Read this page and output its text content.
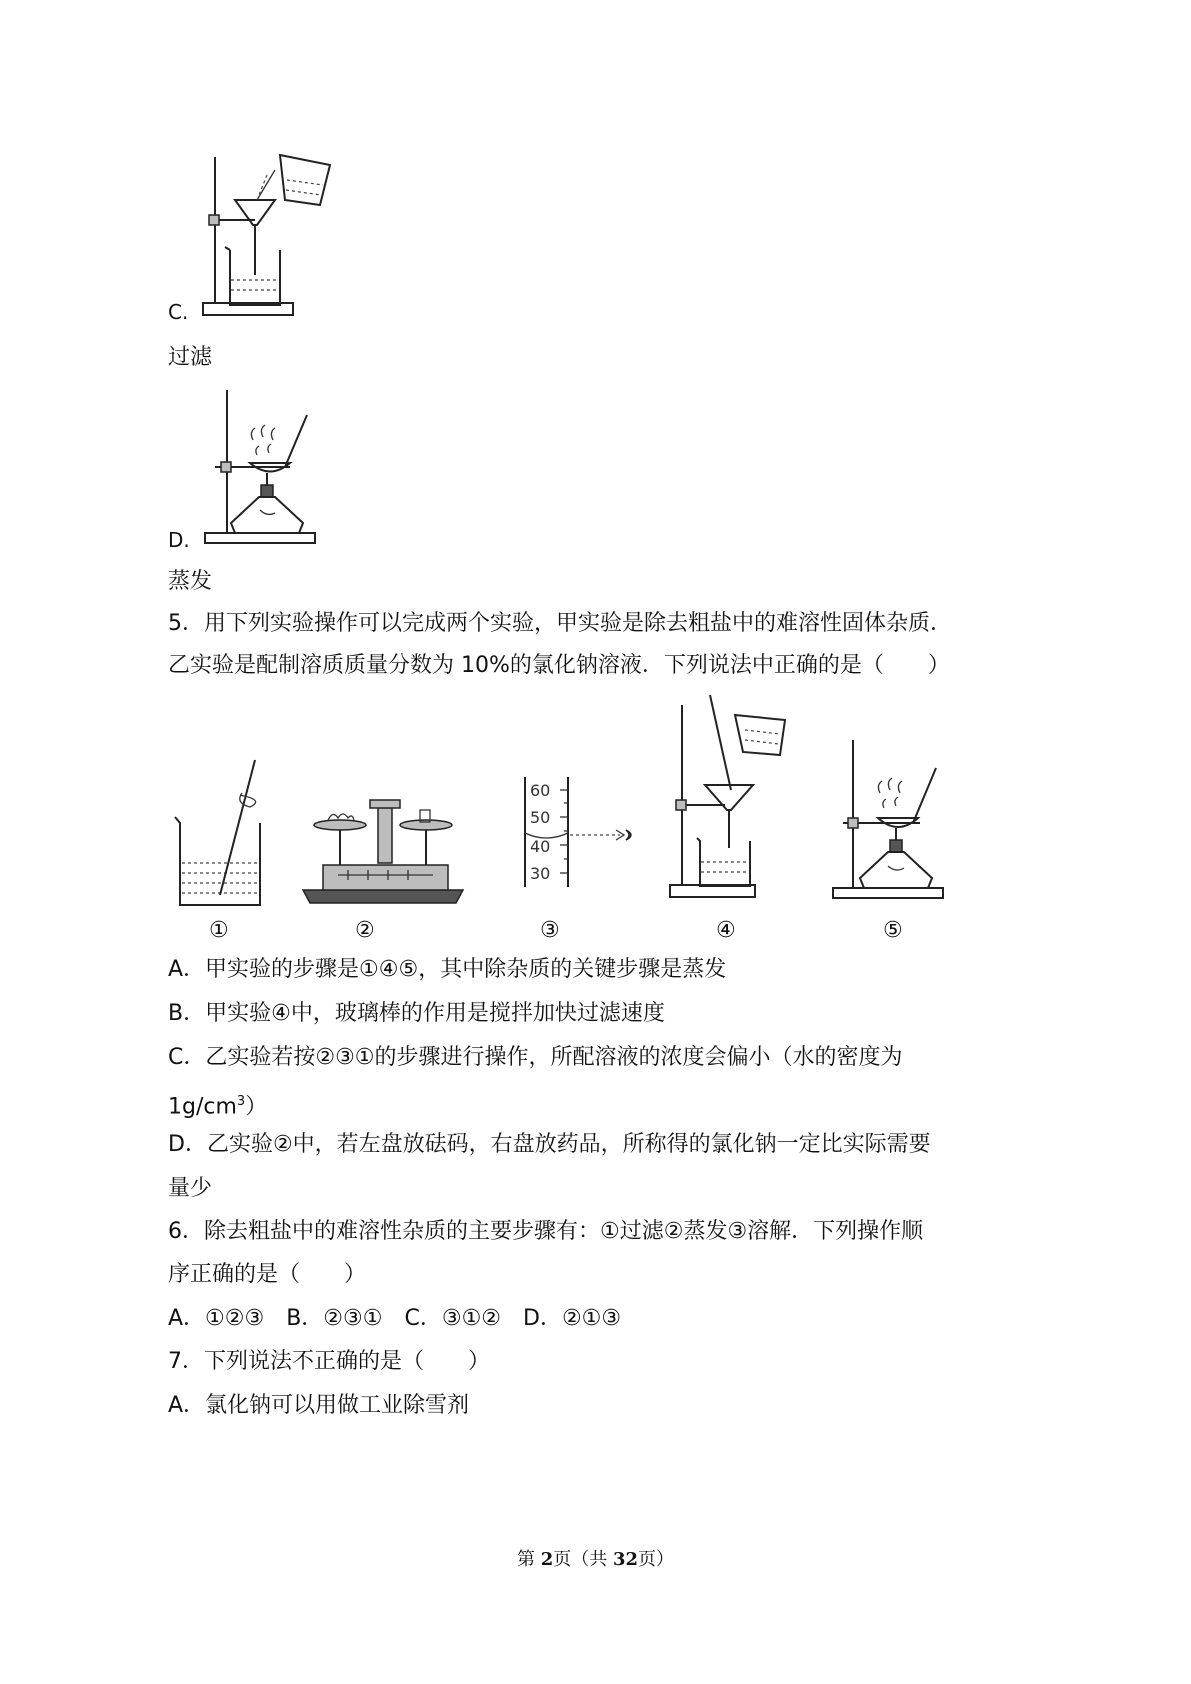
C.
过滤
D.
蒸发
5．用下列实验操作可以完成两个实验，甲实验是除去粗盐中的难溶性固体杂质．
乙实验是配制溶质质量分数为 10%的氯化钠溶液．下列说法中正确的是（　　）
①	②
60
50
40
30
③	④	⑤
A．甲实验的步骤是①④⑤，其中除杂质的关键步骤是蒸发
B．甲实验④中，玻璃棒的作用是搅拌加快过滤速度
C．乙实验若按②③①的步骤进行操作，所配溶液的浓度会偏小（水的密度为
$1g/cm^3$）
D．乙实验②中，若左盘放砝码，右盘放药品，所称得的氯化钠一定比实际需要
量少
6．除去粗盐中的难溶性杂质的主要步骤有：①过滤②蒸发③溶解．下列操作顺
序正确的是（　　）
A．①②③　B．②③①　C．③①②　D．②①③
7．下列说法不正确的是（　　）
A．氯化钠可以用做工业除雪剂
第 2页（共 32页）
